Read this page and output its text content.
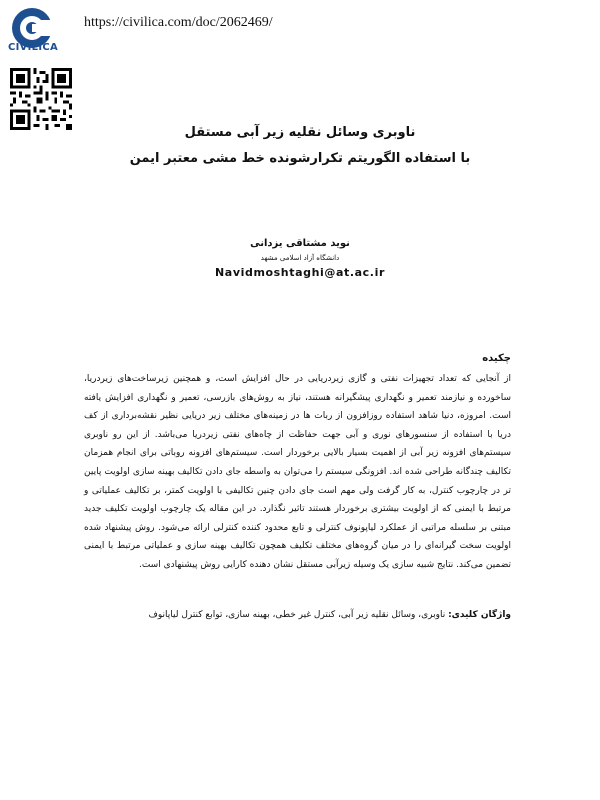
CIVILICA
https://civilica.com/doc/2062469/
ناوبری وسائل نقلیه زیر آبی مستقل
با استفاده الگوریتم تکرارشونده خط مشی معتبر ایمن
نوید مشتاقی یزدانی
دانشگاه آزاد اسلامی مشهد
Navidmoshtaghi@at.ac.ir
چکیده

از آنجایی که تعداد تجهیزات نفتی و گازی زیردریایی در حال افزایش است، و همچنین زیرساخت‌های زیردریا، ساخورده و نیازمند تعمیر و نگهداری پیشگیرانه هستند، نیاز به روش‌های بازرسی، تعمیر و نگهداری افزایش یافته است. امروزه، دنیا شاهد استفاده روزافزون از ربات ها در زمینه‌های مختلف زیر دریایی نظیر نقشه‌برداری از کف دریا با استفاده از سنسورهای نوری و آبی جهت حفاظت از چاه‌های نفتی زیردریا می‌باشد. از این رو ناوبری سیستم‌های افزونه زیر آبی از اهمیت بسیار بالایی برخوردار است. سیستم‌های افزونه روباتی برای انجام همزمان تکالیف چندگانه طراحی شده اند. افزونگی سیستم را می‌توان به واسطه جای دادن تکالیف بهینه سازی اولویت پایین تر در چارچوب کنترل، به کار گرفت ولی مهم است جای دادن چنین تکالیفی با اولویت کمتر، بر تکالیف عملیاتی و مرتبط با ایمنی که از اولویت بیشتری برخوردار هستند تاثیر نگذارد. در این مقاله یک چارچوب اولویت تکلیف جدید مبتنی بر سلسله مراتبی از عملکرد لیاپونوف کنترلی و تابع محدود کننده کنترلی ارائه می‌شود. روش پیشنهاد شده اولویت سخت گیرانه‌ای را در میان گروه‌های مختلف تکلیف همچون تکالیف بهینه سازی و عملیاتی مرتبط با ایمنی تضمین می‌کند. نتایج شبیه سازی یک وسیله زیرآبی مستقل نشان دهنده کارایی روش پیشنهادی است.

واژگان کلیدی: ناوبری، وسائل نقلیه زیر آبی، کنترل غیر خطی، بهینه سازی، توابع کنترل لیاپانوف
